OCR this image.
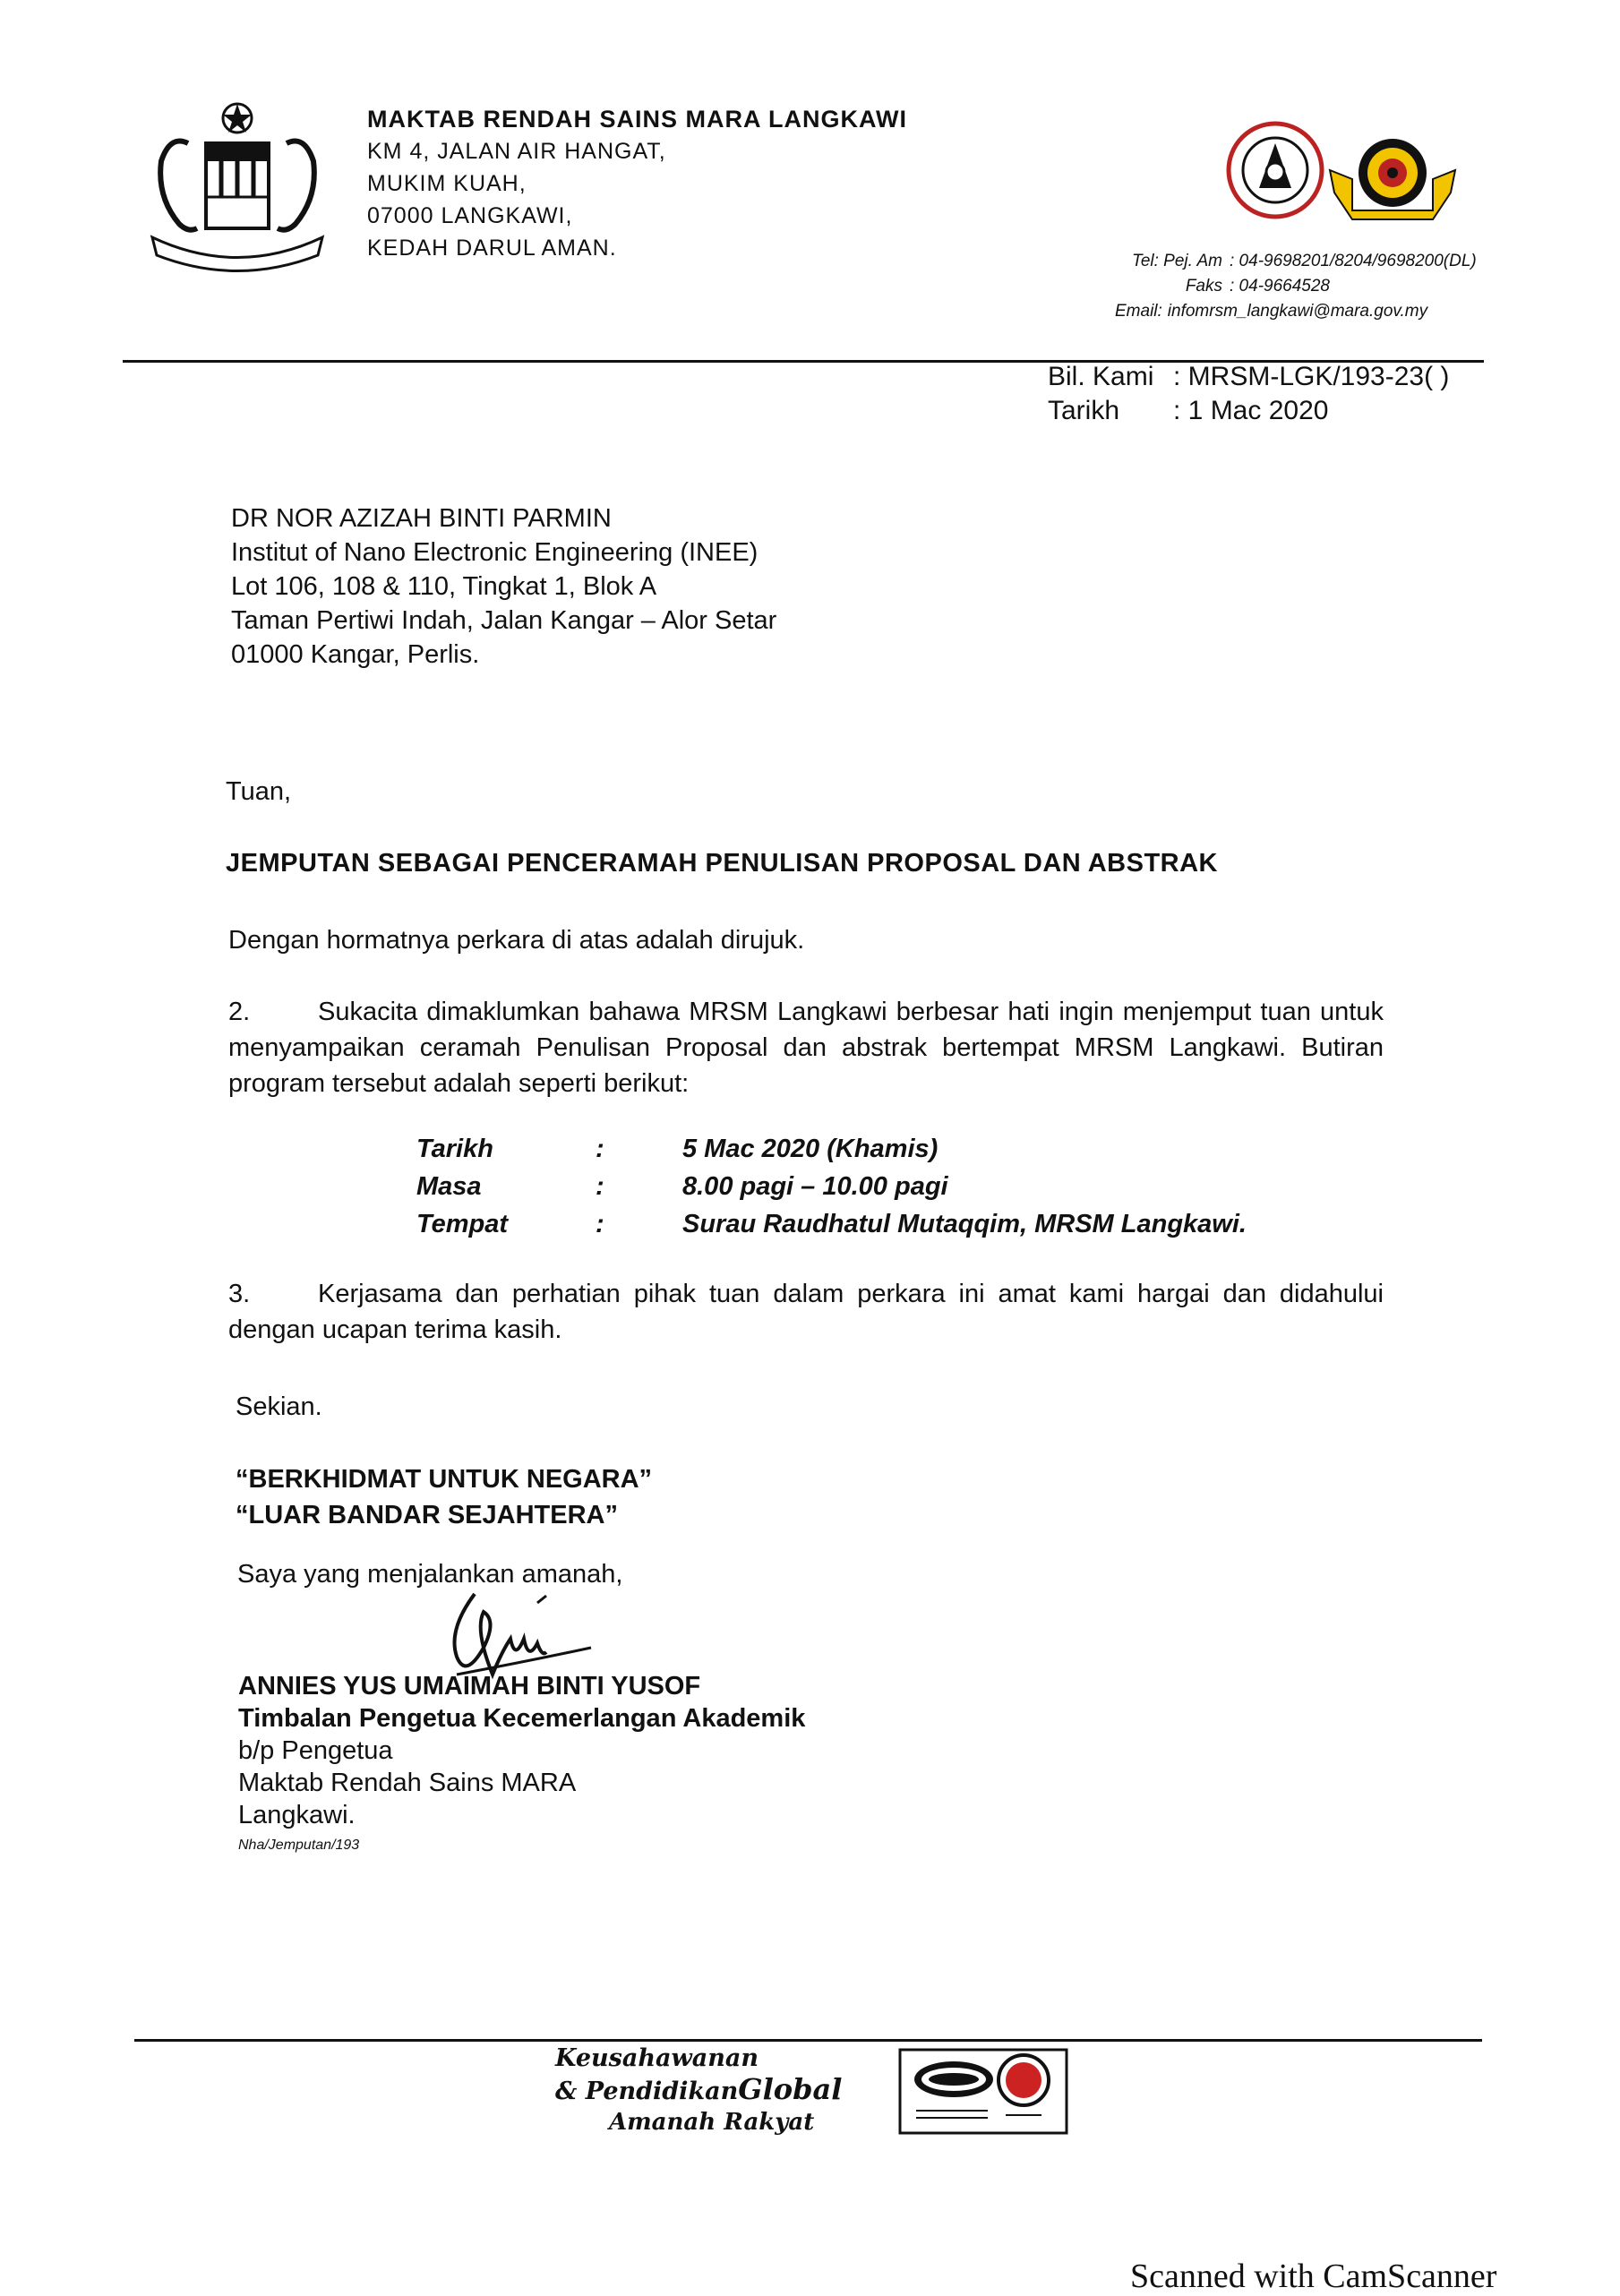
MAKTAB RENDAH SAINS MARA LANGKAWI
KM 4, JALAN AIR HANGAT,
MUKIM KUAH,
07000 LANGKAWI,
KEDAH DARUL AMAN.
Tel: Pej. Am : 04-9698201/8204/9698200(DL)
Faks : 04-9664528
Email: infomrsm_langkawi@mara.gov.my
Bil. Kami : MRSM-LGK/193-23( )
Tarikh	: 1 Mac 2020
DR NOR AZIZAH BINTI PARMIN
Institut of Nano Electronic Engineering (INEE)
Lot 106, 108 & 110, Tingkat 1, Blok A
Taman Pertiwi Indah, Jalan Kangar – Alor Setar
01000 Kangar, Perlis.
Tuan,
JEMPUTAN SEBAGAI PENCERAMAH PENULISAN PROPOSAL DAN ABSTRAK
Dengan hormatnya perkara di atas adalah dirujuk.
2.	Sukacita dimaklumkan bahawa MRSM Langkawi berbesar hati ingin menjemput tuan untuk menyampaikan ceramah Penulisan Proposal dan abstrak bertempat MRSM Langkawi. Butiran program tersebut adalah seperti berikut:
Tarikh	:	5 Mac 2020 (Khamis)
Masa	:	8.00 pagi – 10.00 pagi
Tempat	:	Surau Raudhatul Mutaqqim, MRSM Langkawi.
3.	Kerjasama dan perhatian pihak tuan dalam perkara ini amat kami hargai dan didahului dengan ucapan terima kasih.
Sekian.
“BERKHIDMAT UNTUK NEGARA”
“LUAR BANDAR SEJAHTERA”
Saya yang menjalankan amanah,
ANNIES YUS UMAIMAH BINTI YUSOF
Timbalan Pengetua Kecemerlangan Akademik
b/p Pengetua
Maktab Rendah Sains MARA
Langkawi.
Nha/Jemputan/193
Keusahawanan
& PendidikanGlobal
Amanah Rakyat
Scanned with CamScanner
